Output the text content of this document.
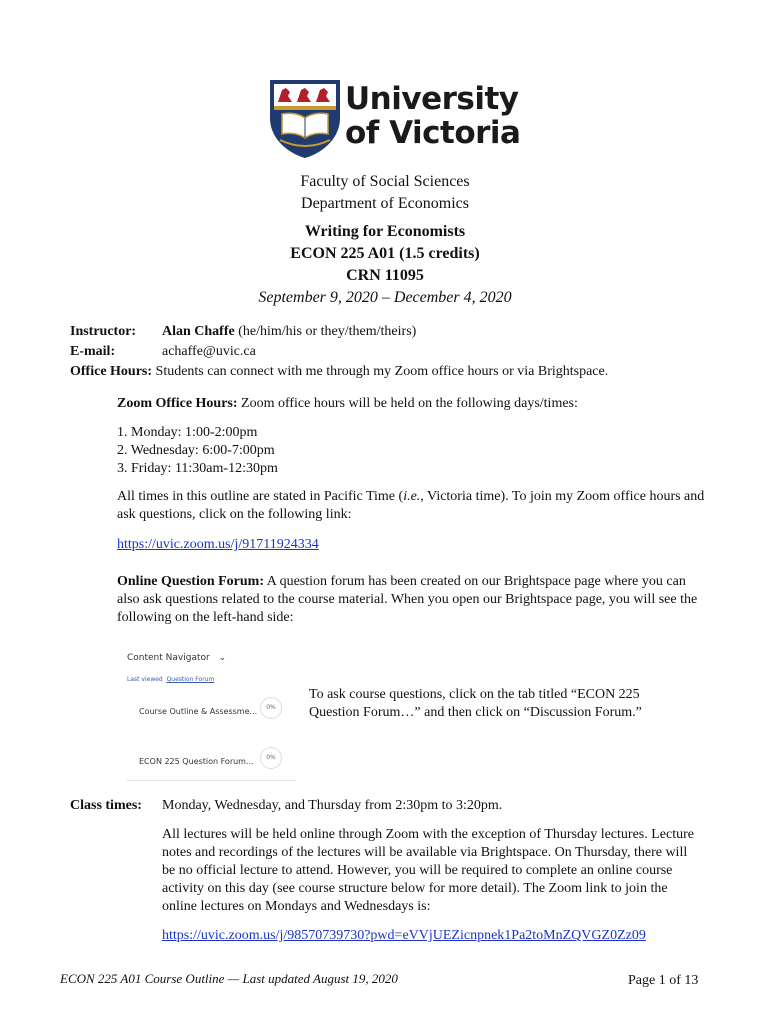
University
of Victoria
Faculty of Social Sciences
Department of Economics
Writing for Economists
ECON 225 A01 (1.5 credits)
CRN 11095
September 9, 2020 – December 4, 2020
Instructor: Alan Chaffe (he/him/his or they/them/theirs)
E-mail:	achaffe@uvic.ca
Office Hours: Students can connect with me through my Zoom office hours or via Brightspace.
Zoom Office Hours: Zoom office hours will be held on the following days/times:
1. Monday: 1:00-2:00pm
2. Wednesday: 6:00-7:00pm
3. Friday: 11:30am-12:30pm
All times in this outline are stated in Pacific Time (i.e., Victoria time). To join my Zoom office hours and ask questions, click on the following link:
https://uvic.zoom.us/j/91711924334
Online Question Forum: A question forum has been created on our Brightspace page where you can also ask questions related to the course material. When you open our Brightspace page, you will see the following on the left-hand side:
Content Navigator ⌄
Last viewed Question Forum
Course Outline & Assessme...	0%
ECON 225 Question Forum...	0%
To ask course questions, click on the tab titled “ECON 225 Question Forum…” and then click on “Discussion Forum.”
Class times: Monday, Wednesday, and Thursday from 2:30pm to 3:20pm.
All lectures will be held online through Zoom with the exception of Thursday lectures. Lecture notes and recordings of the lectures will be available via Brightspace. On Thursday, there will be no official lecture to attend. However, you will be required to complete an online course activity on this day (see course structure below for more detail). The Zoom link to join the online lectures on Mondays and Wednesdays is:
https://uvic.zoom.us/j/98570739730?pwd=eVVjUEZicnpnek1Pa2toMnZQVGZ0Zz09
ECON 225 A01 Course Outline — Last updated August 19, 2020	Page 1 of 13
